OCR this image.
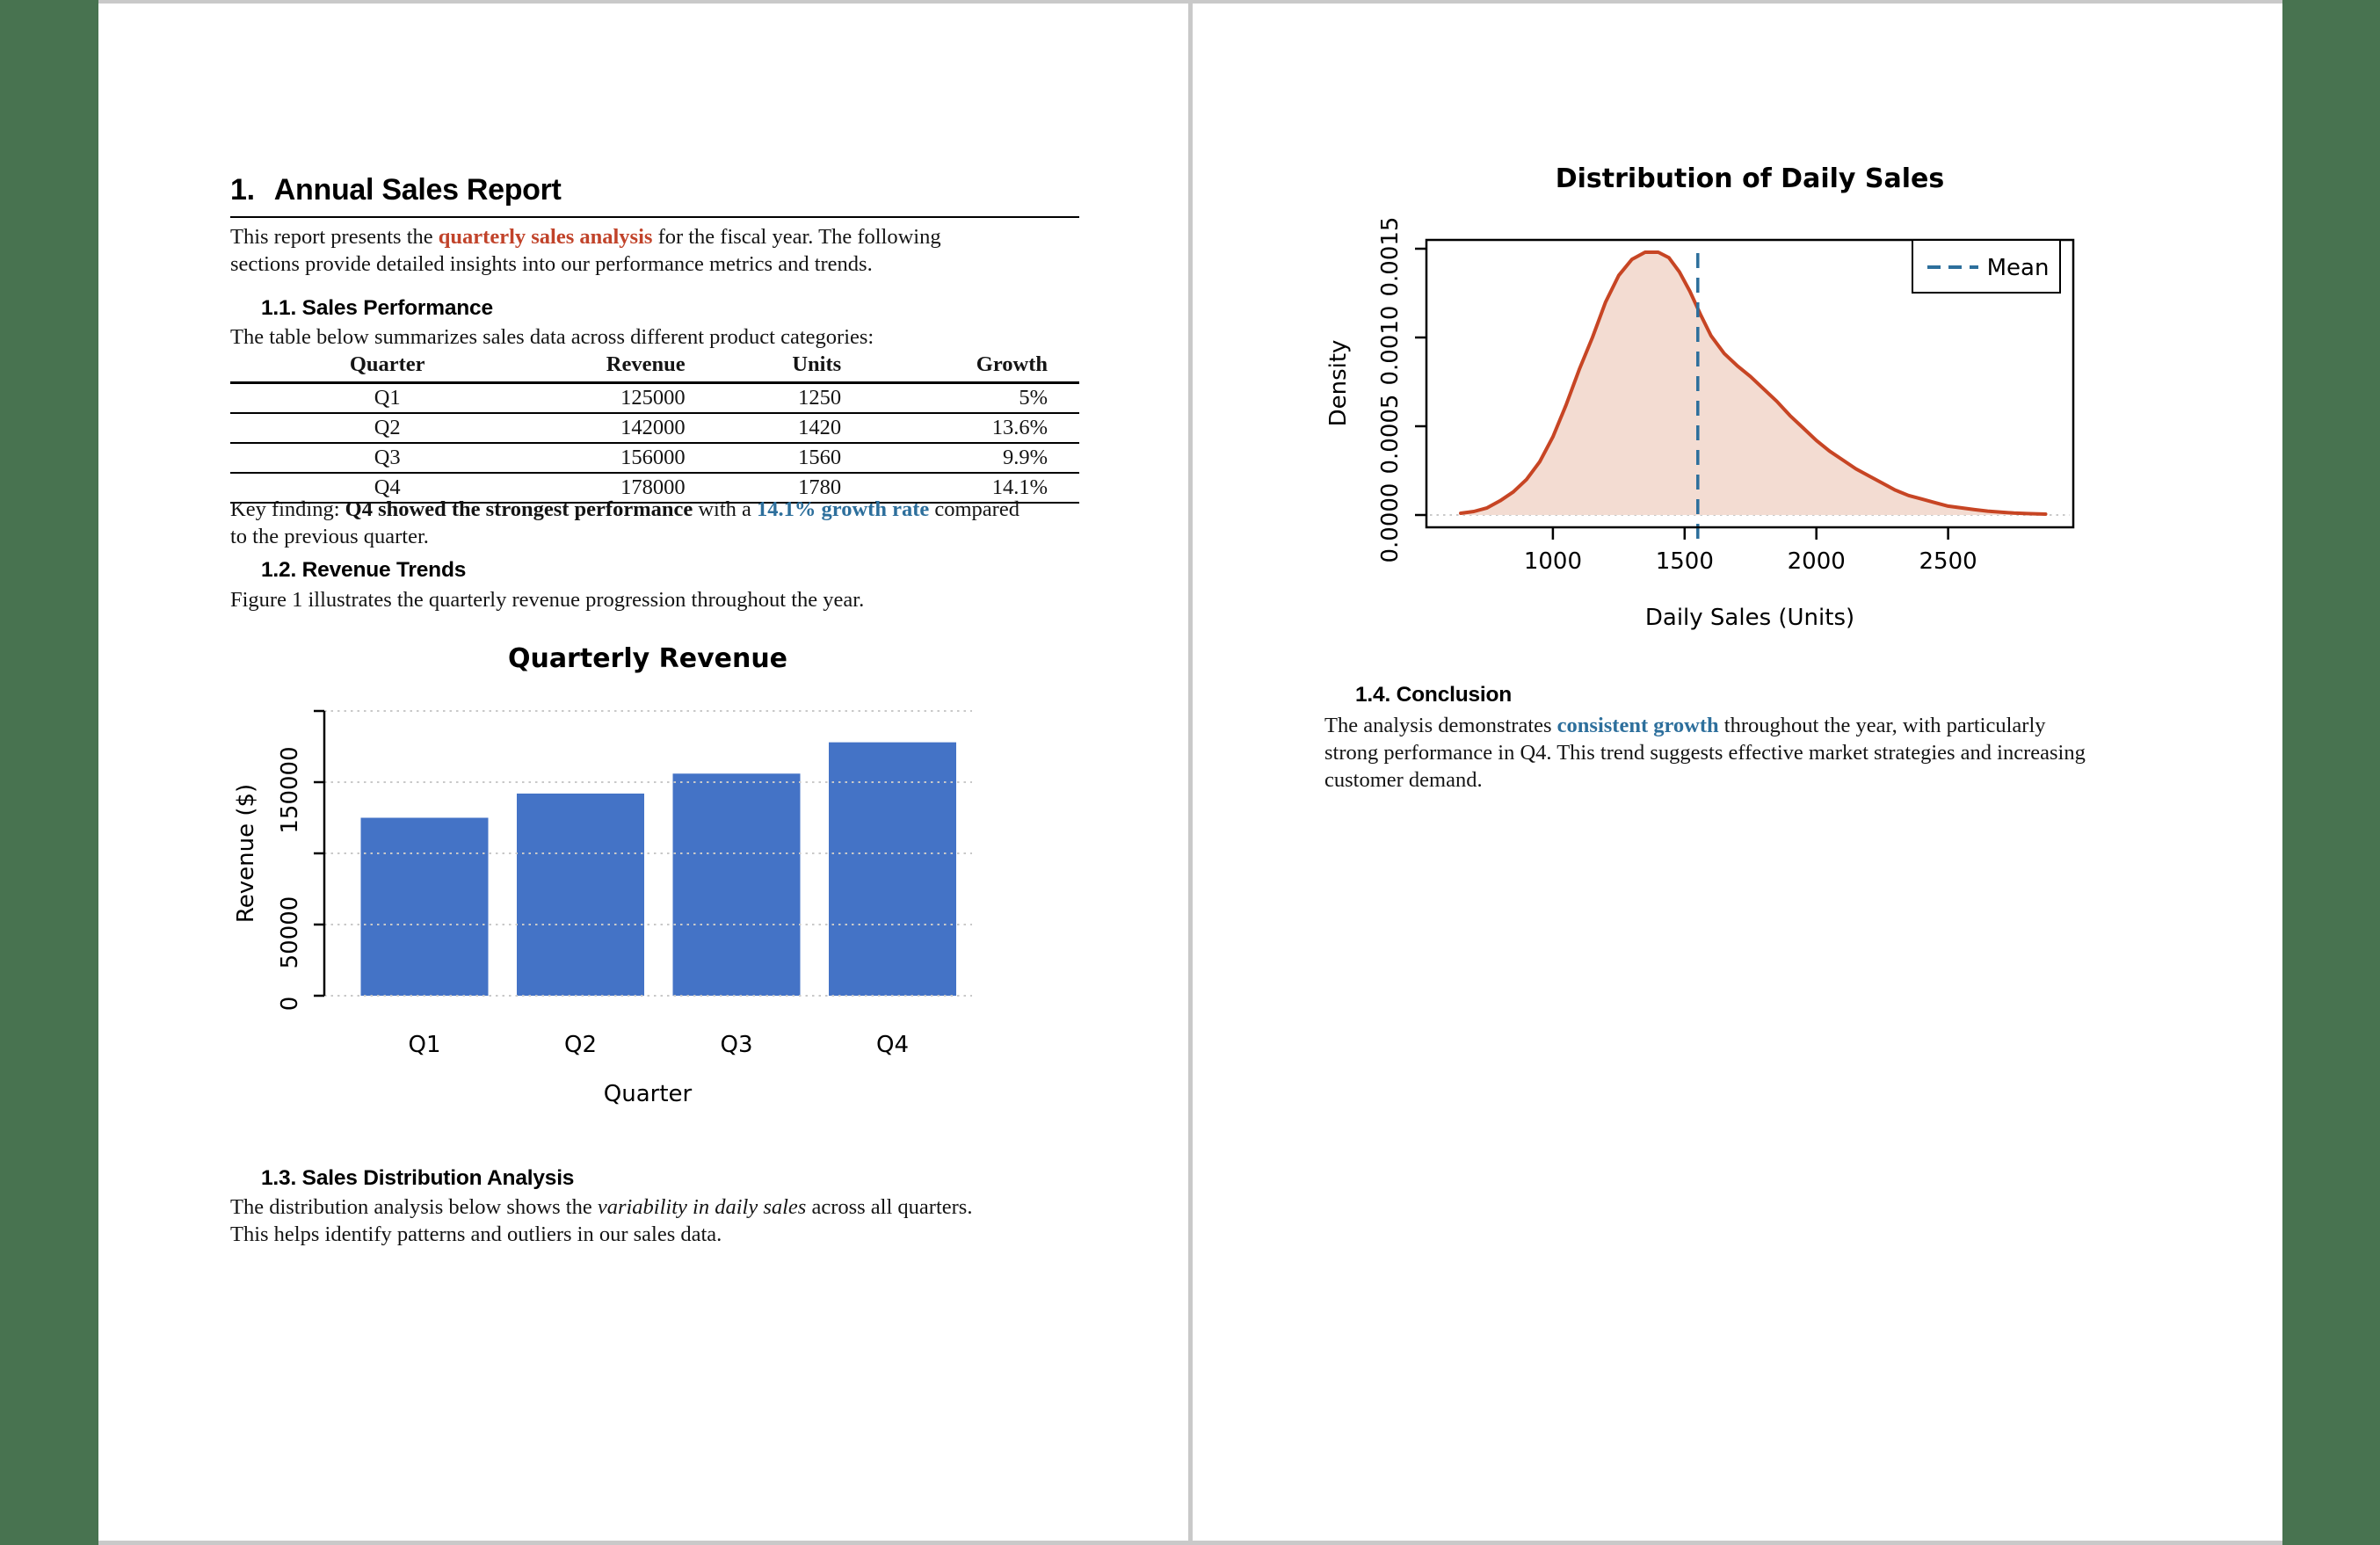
1. Annual Sales Report
This report presents the quarterly sales analysis for the fiscal year. The following
sections provide detailed insights into our performance metrics and trends.
1.1. Sales Performance
The table below summarizes sales data across different product categories:
Quarter	Revenue	Units	Growth
Q1	125000	1250	5%
Q2	142000	1420	13.6%
Q3	156000	1560	9.9%
Q4	178000	1780	14.1%
Key finding: Q4 showed the strongest performance with a 14.1% growth rate compared
to the previous quarter.
1.2. Revenue Trends
Figure 1 illustrates the quarterly revenue progression throughout the year.
Quarterly Revenue
0
50000
150000
Q1	Q2	Q3	Q4
Quarter
Revenue ($)
1.3. Sales Distribution Analysis
The distribution analysis below shows the variability in daily sales across all quarters.
This helps identify patterns and outliers in our sales data.
Distribution of Daily Sales
0.0000
0.0005
0.0010
0.0015
1000	1500	2000	2500
Daily Sales (Units)
Density
Mean
1.4. Conclusion
The analysis demonstrates consistent growth throughout the year, with particularly
strong performance in Q4. This trend suggests effective market strategies and increasing
customer demand.
